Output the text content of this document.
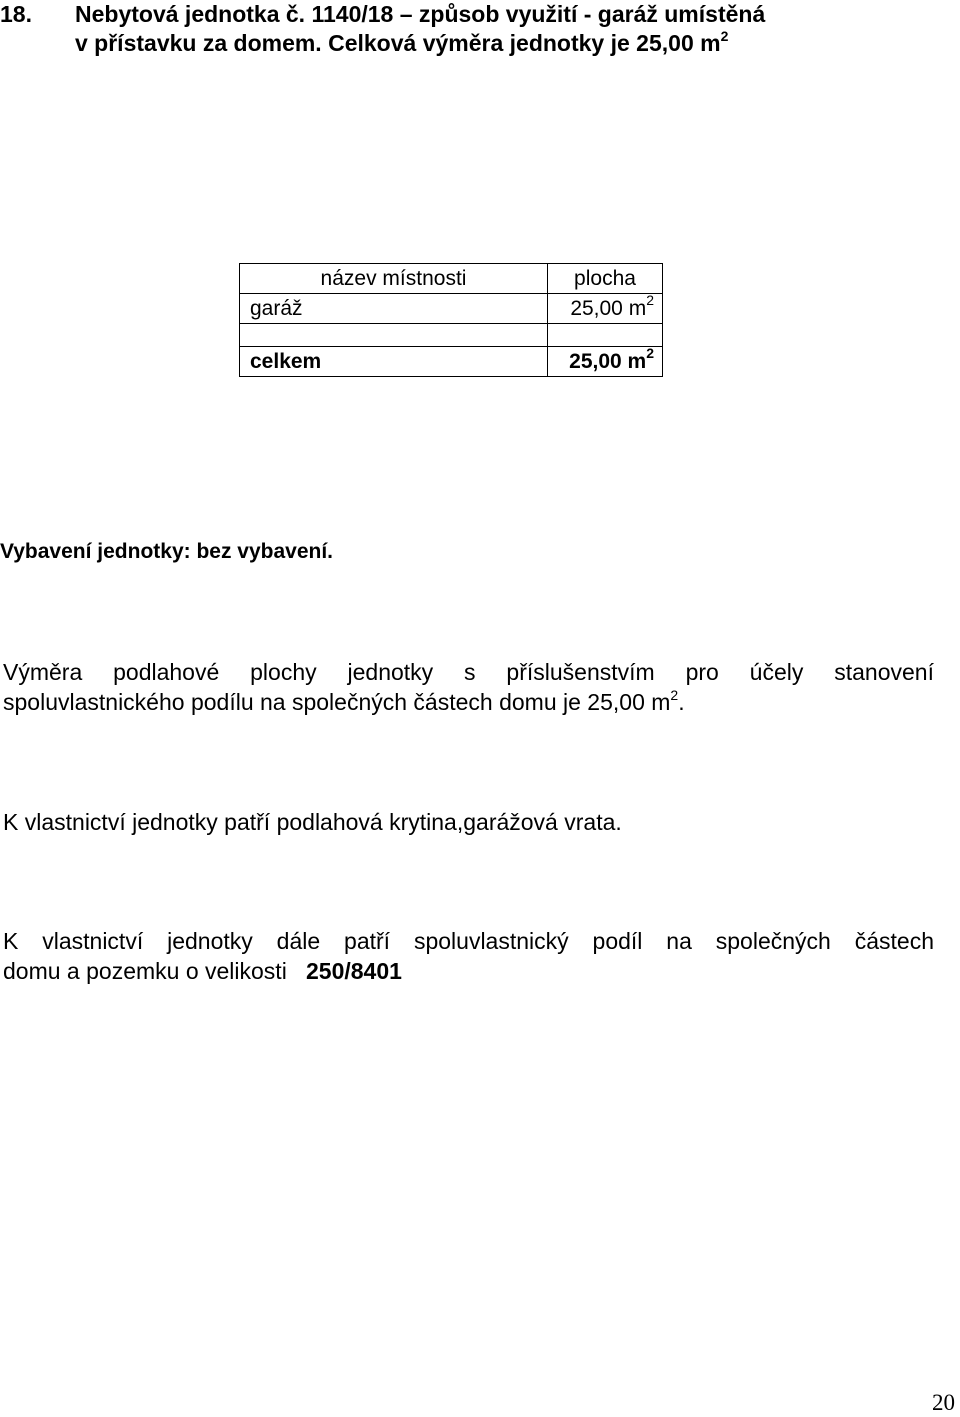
18. Nebytová jednotka č. 1140/18 – způsob využití - garáž umístěná
v přístavku za domem. Celková výměra jednotky je 25,00 $m^2$
název místnosti	plocha
garáž	25,00 $m^2$

celkem	25,00 $m^2$
Vybavení jednotky: bez vybavení.
Výměra podlahové plochy jednotky s příslušenstvím pro účely stanovení
spoluvlastnického podílu na společných částech domu je 25,00 $m^2$.
K vlastnictví jednotky patří podlahová krytina,garážová vrata.
K vlastnictví jednotky dále patří spoluvlastnický podíl na společných částech
domu a pozemku o velikosti 250/8401
20
